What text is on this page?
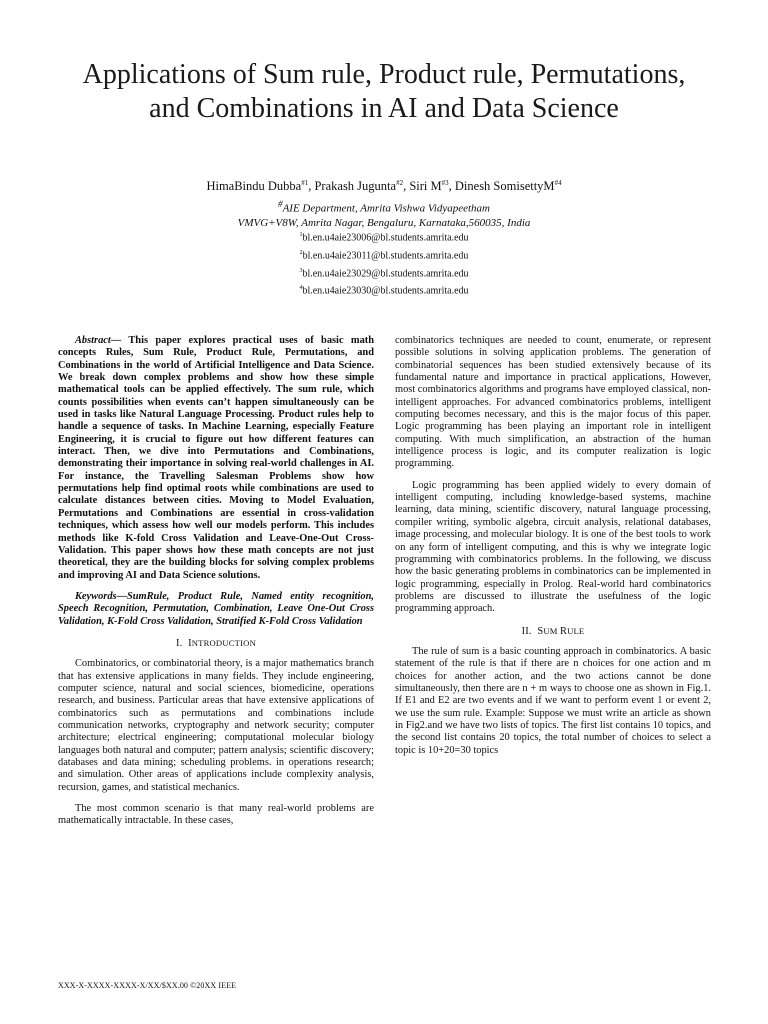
Applications of Sum rule, Product rule, Permutations, and Combinations in AI and Data Science
HimaBindu Dubba$^{\#1}$, Prakash Jugunta$^{\#2}$, Siri $M^{\#3}$, Dinesh SomisettyM$^{\#4}$
#AIE Department, Amrita Vishwa Vidyapeetham
VMVG+V8W, Amrita Nagar, Bengaluru, Karnataka,560035, India
$^1$bl.en.u4aie23006@bl.students.amrita.edu
$^2$bl.en.u4aie23011@bl.students.amrita.edu
$^3$bl.en.u4aie23029@bl.students.amrita.edu
$^4$bl.en.u4aie23030@bl.students.amrita.edu

Abstract— This paper explores practical uses of basic math concepts Rules, Sum Rule, Product Rule, Permutations, and Combinations in the world of Artificial Intelligence and Data Science. We break down complex problems and show how these simple mathematical tools can be applied effectively. The sum rule, which counts possibilities when events can’t happen simultaneously can be used in tasks like Natural Language Processing. Product rules help to handle a sequence of tasks. In Machine Learning, especially Feature Engineering, it is crucial to figure out how different features can interact. Then, we dive into Permutations and Combinations, demonstrating their importance in solving real-world challenges in AI. For instance, the Travelling Salesman Problems show how permutations help find optimal roots while combinations are used to calculate distances between cities. Moving to Model Evaluation, Permutations and Combinations are essential in cross-validation techniques, which assess how well our models perform. This includes methods like K-fold Cross Validation and Leave-One-Out Cross-Validation. This paper shows how these math concepts are not just theoretical, they are the building blocks for solving complex problems and improving AI and Data Science solutions.

Keywords—SumRule, Product Rule, Named entity recognition, Speech Recognition, Permutation, Combination, Leave One-Out Cross Validation, K-Fold Cross Validation, Stratified K-Fold Cross Validation

I. INTRODUCTION

Combinatorics, or combinatorial theory, is a major mathematics branch that has extensive applications in many fields. They include engineering, computer science, natural and social sciences, biomedicine, operations research, and business. Particular areas that have extensive applications of combinatorics such as permutations and combinations include communication networks, cryptography and network security; computer architecture; electrical engineering; computational molecular biology languages both natural and computer; pattern analysis; scientific discovery; databases and data mining; scheduling problems. in operations research; and simulation. Other areas of applications include complexity analysis, recursion, games, and statistical mechanics.

The most common scenario is that many real-world problems are mathematically intractable. In these cases,

combinatorics techniques are needed to count, enumerate, or represent possible solutions in solving application problems. The generation of combinatorial sequences has been studied extensively because of its fundamental nature and importance in practical applications, However, most combinatorics algorithms and programs have employed classical, non-intelligent approaches. For advanced combinatorics problems, intelligent computing becomes necessary, and this is the major focus of this paper. Logic programming has been playing an important role in intelligent computing. With much simplification, an abstraction of the human intelligence process is logic, and its computer realization is logic programming.

Logic programming has been applied widely to every domain of intelligent computing, including knowledge-based systems, machine learning, data mining, scientific discovery, natural language processing, compiler writing, symbolic algebra, circuit analysis, relational databases, image processing, and molecular biology. It is one of the best tools to work on any form of intelligent computing, and this is why we integrate logic programming with combinatorics problems. In the following, we discuss how the basic generating problems in combinatorics can be implemented in logic programming, especially in Prolog. Real-world hard combinatorics problems are discussed to illustrate the usefulness of the logic programming approach.

II. SUM RULE

The rule of sum is a basic counting approach in combinatorics. A basic statement of the rule is that if there are n choices for one action and m choices for another action, and the two actions cannot be done simultaneously, then there are n + m ways to choose one as shown in Fig.1. If E1 and E2 are two events and if we want to perform event 1 or event 2, we use the sum rule. Example: Suppose we must write an article as shown in Fig2.and we have two lists of topics. The first list contains 10 topics, and the second list contains 20 topics, the total number of choices to select a topic is 10+20=30 topics

XXX-X-XXXX-XXXX-X/XX/$XX.00 ©20XX IEEE
